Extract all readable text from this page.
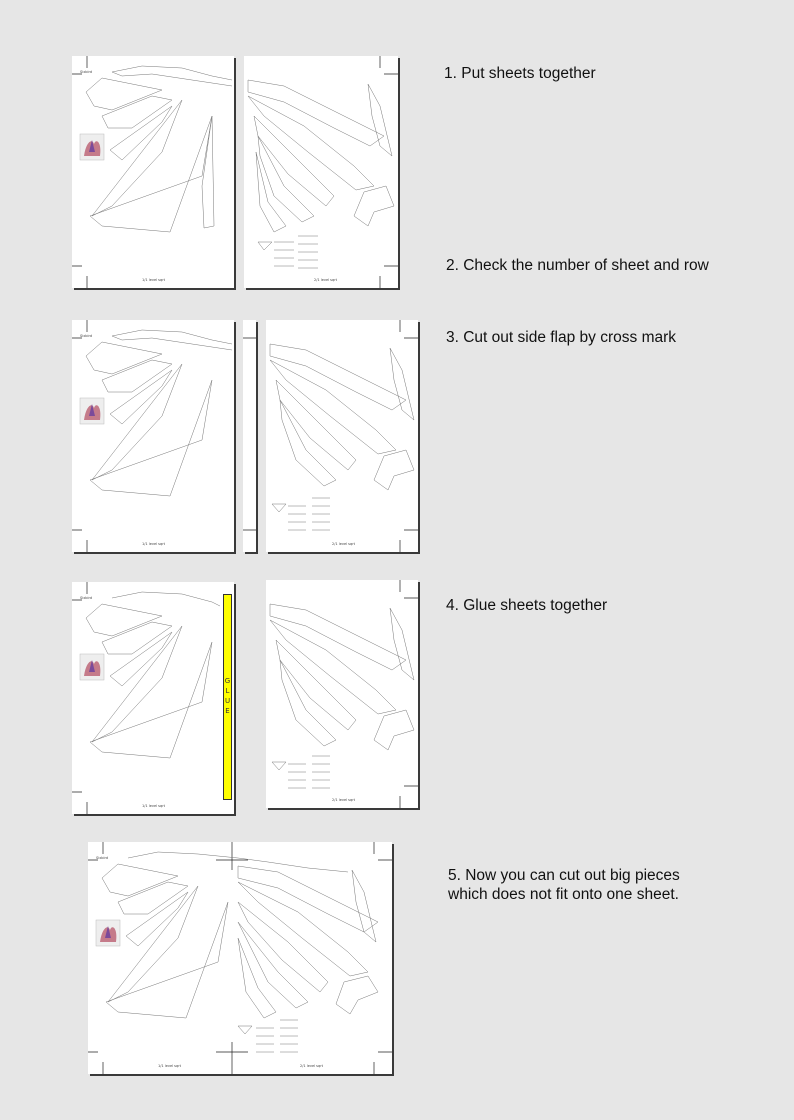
Sixbird
1/1 level sqrt	2/1 level sqrt
1. Put sheets together
2. Check the number of sheet and row
Sixbird
1/1 level sqrt	2/1 level sqrt
3. Cut out side flap by cross mark
Sixbird
1/1 level sqrt
GLUE
2/1 level sqrt
4. Glue sheets together
Sixbird
1/1 level sqrt	2/1 level sqrt
5. Now you can cut out big pieces
which does not fit onto one sheet.
